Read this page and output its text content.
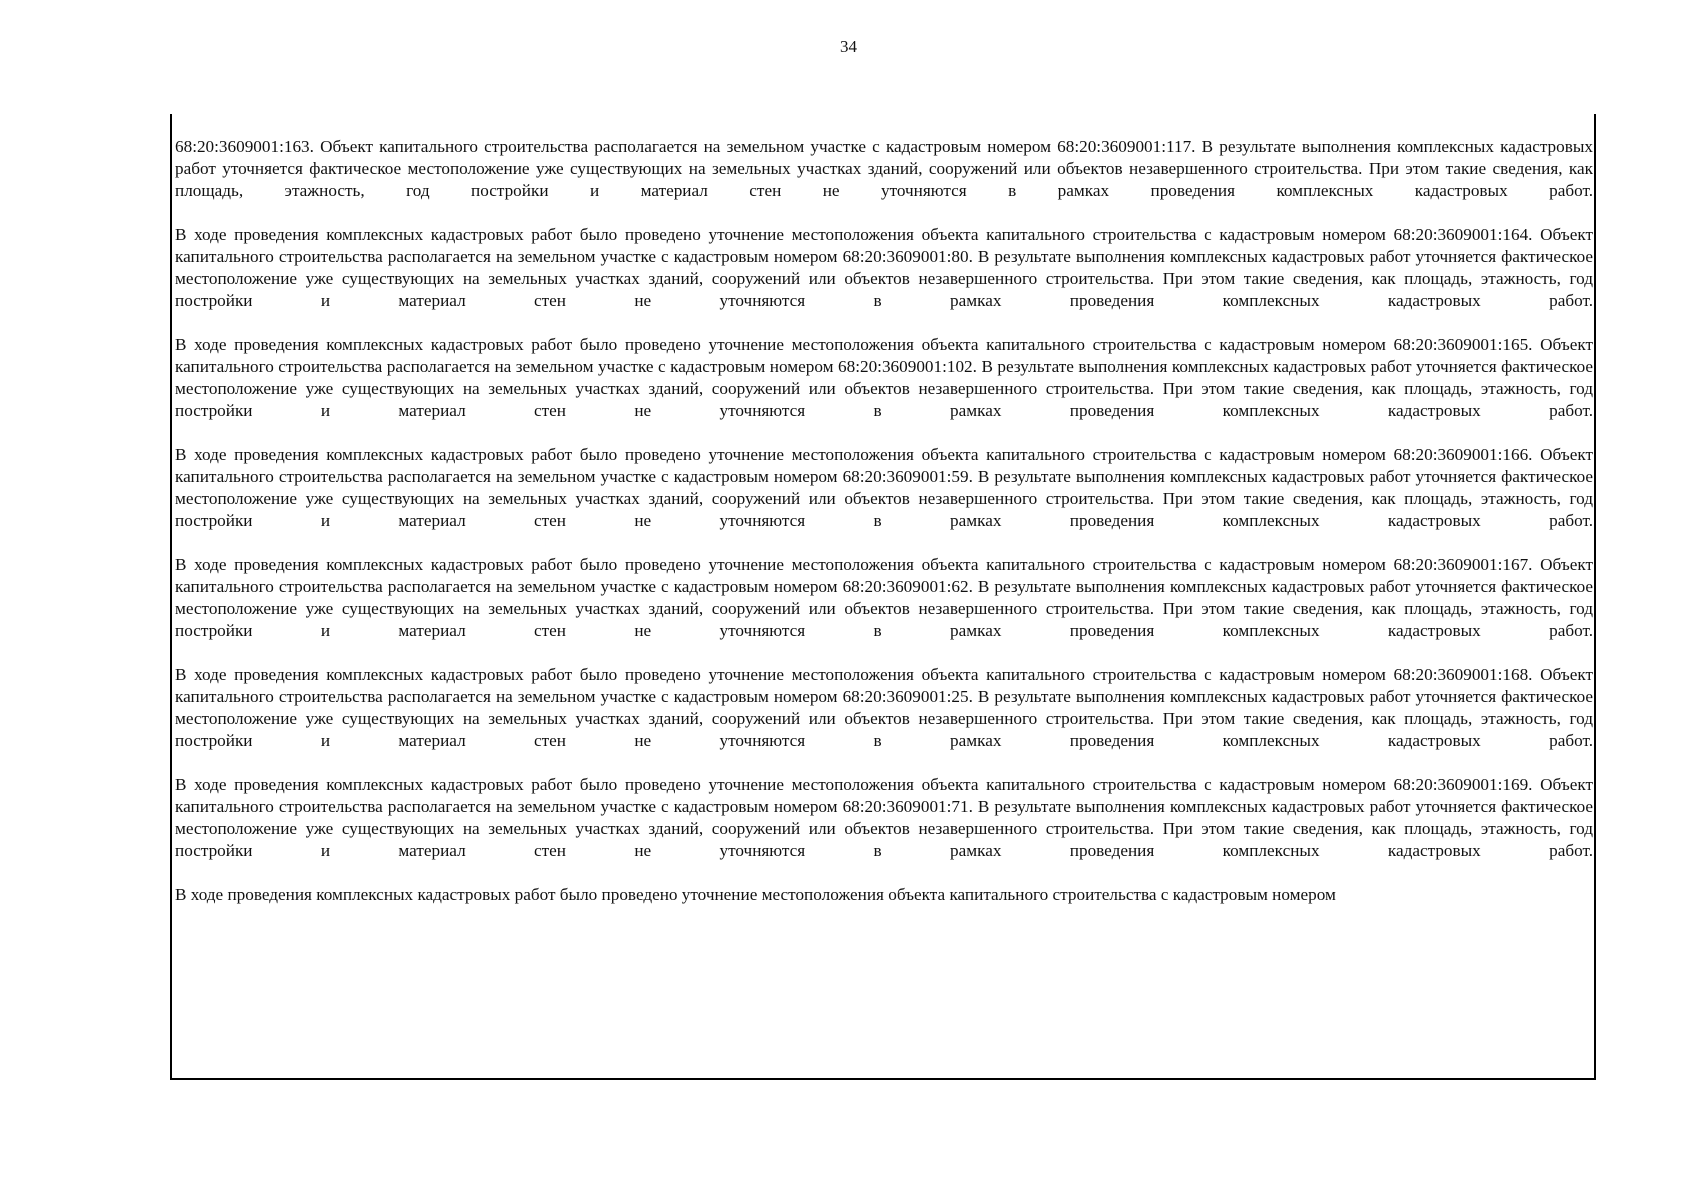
34

68:20:3609001:163. Объект капитального строительства располагается на земельном участке с кадастровым номером 68:20:3609001:117. В результате выполнения комплексных кадастровых работ уточняется фактическое местоположение уже существующих на земельных участках зданий, сооружений или объектов незавершенного строительства. При этом такие сведения, как площадь, этажность, год постройки и материал стен не уточняются в рамках проведения комплексных кадастровых работ.

В ходе проведения комплексных кадастровых работ было проведено уточнение местоположения объекта капитального строительства с кадастровым номером 68:20:3609001:164. Объект капитального строительства располагается на земельном участке с кадастровым номером 68:20:3609001:80. В результате выполнения комплексных кадастровых работ уточняется фактическое местоположение уже существующих на земельных участках зданий, сооружений или объектов незавершенного строительства. При этом такие сведения, как площадь, этажность, год постройки и материал стен не уточняются в рамках проведения комплексных кадастровых работ.

В ходе проведения комплексных кадастровых работ было проведено уточнение местоположения объекта капитального строительства с кадастровым номером 68:20:3609001:165. Объект капитального строительства располагается на земельном участке с кадастровым номером 68:20:3609001:102. В результате выполнения комплексных кадастровых работ уточняется фактическое местоположение уже существующих на земельных участках зданий, сооружений или объектов незавершенного строительства. При этом такие сведения, как площадь, этажность, год постройки и материал стен не уточняются в рамках проведения комплексных кадастровых работ.

В ходе проведения комплексных кадастровых работ было проведено уточнение местоположения объекта капитального строительства с кадастровым номером 68:20:3609001:166. Объект капитального строительства располагается на земельном участке с кадастровым номером 68:20:3609001:59. В результате выполнения комплексных кадастровых работ уточняется фактическое местоположение уже существующих на земельных участках зданий, сооружений или объектов незавершенного строительства. При этом такие сведения, как площадь, этажность, год постройки и материал стен не уточняются в рамках проведения комплексных кадастровых работ.

В ходе проведения комплексных кадастровых работ было проведено уточнение местоположения объекта капитального строительства с кадастровым номером 68:20:3609001:167. Объект капитального строительства располагается на земельном участке с кадастровым номером 68:20:3609001:62. В результате выполнения комплексных кадастровых работ уточняется фактическое местоположение уже существующих на земельных участках зданий, сооружений или объектов незавершенного строительства. При этом такие сведения, как площадь, этажность, год постройки и материал стен не уточняются в рамках проведения комплексных кадастровых работ.

В ходе проведения комплексных кадастровых работ было проведено уточнение местоположения объекта капитального строительства с кадастровым номером 68:20:3609001:168. Объект капитального строительства располагается на земельном участке с кадастровым номером 68:20:3609001:25. В результате выполнения комплексных кадастровых работ уточняется фактическое местоположение уже существующих на земельных участках зданий, сооружений или объектов незавершенного строительства. При этом такие сведения, как площадь, этажность, год постройки и материал стен не уточняются в рамках проведения комплексных кадастровых работ.

В ходе проведения комплексных кадастровых работ было проведено уточнение местоположения объекта капитального строительства с кадастровым номером 68:20:3609001:169. Объект капитального строительства располагается на земельном участке с кадастровым номером 68:20:3609001:71. В результате выполнения комплексных кадастровых работ уточняется фактическое местоположение уже существующих на земельных участках зданий, сооружений или объектов незавершенного строительства. При этом такие сведения, как площадь, этажность, год постройки и материал стен не уточняются в рамках проведения комплексных кадастровых работ.

В ходе проведения комплексных кадастровых работ было проведено уточнение местоположения объекта капитального строительства с кадастровым номером
